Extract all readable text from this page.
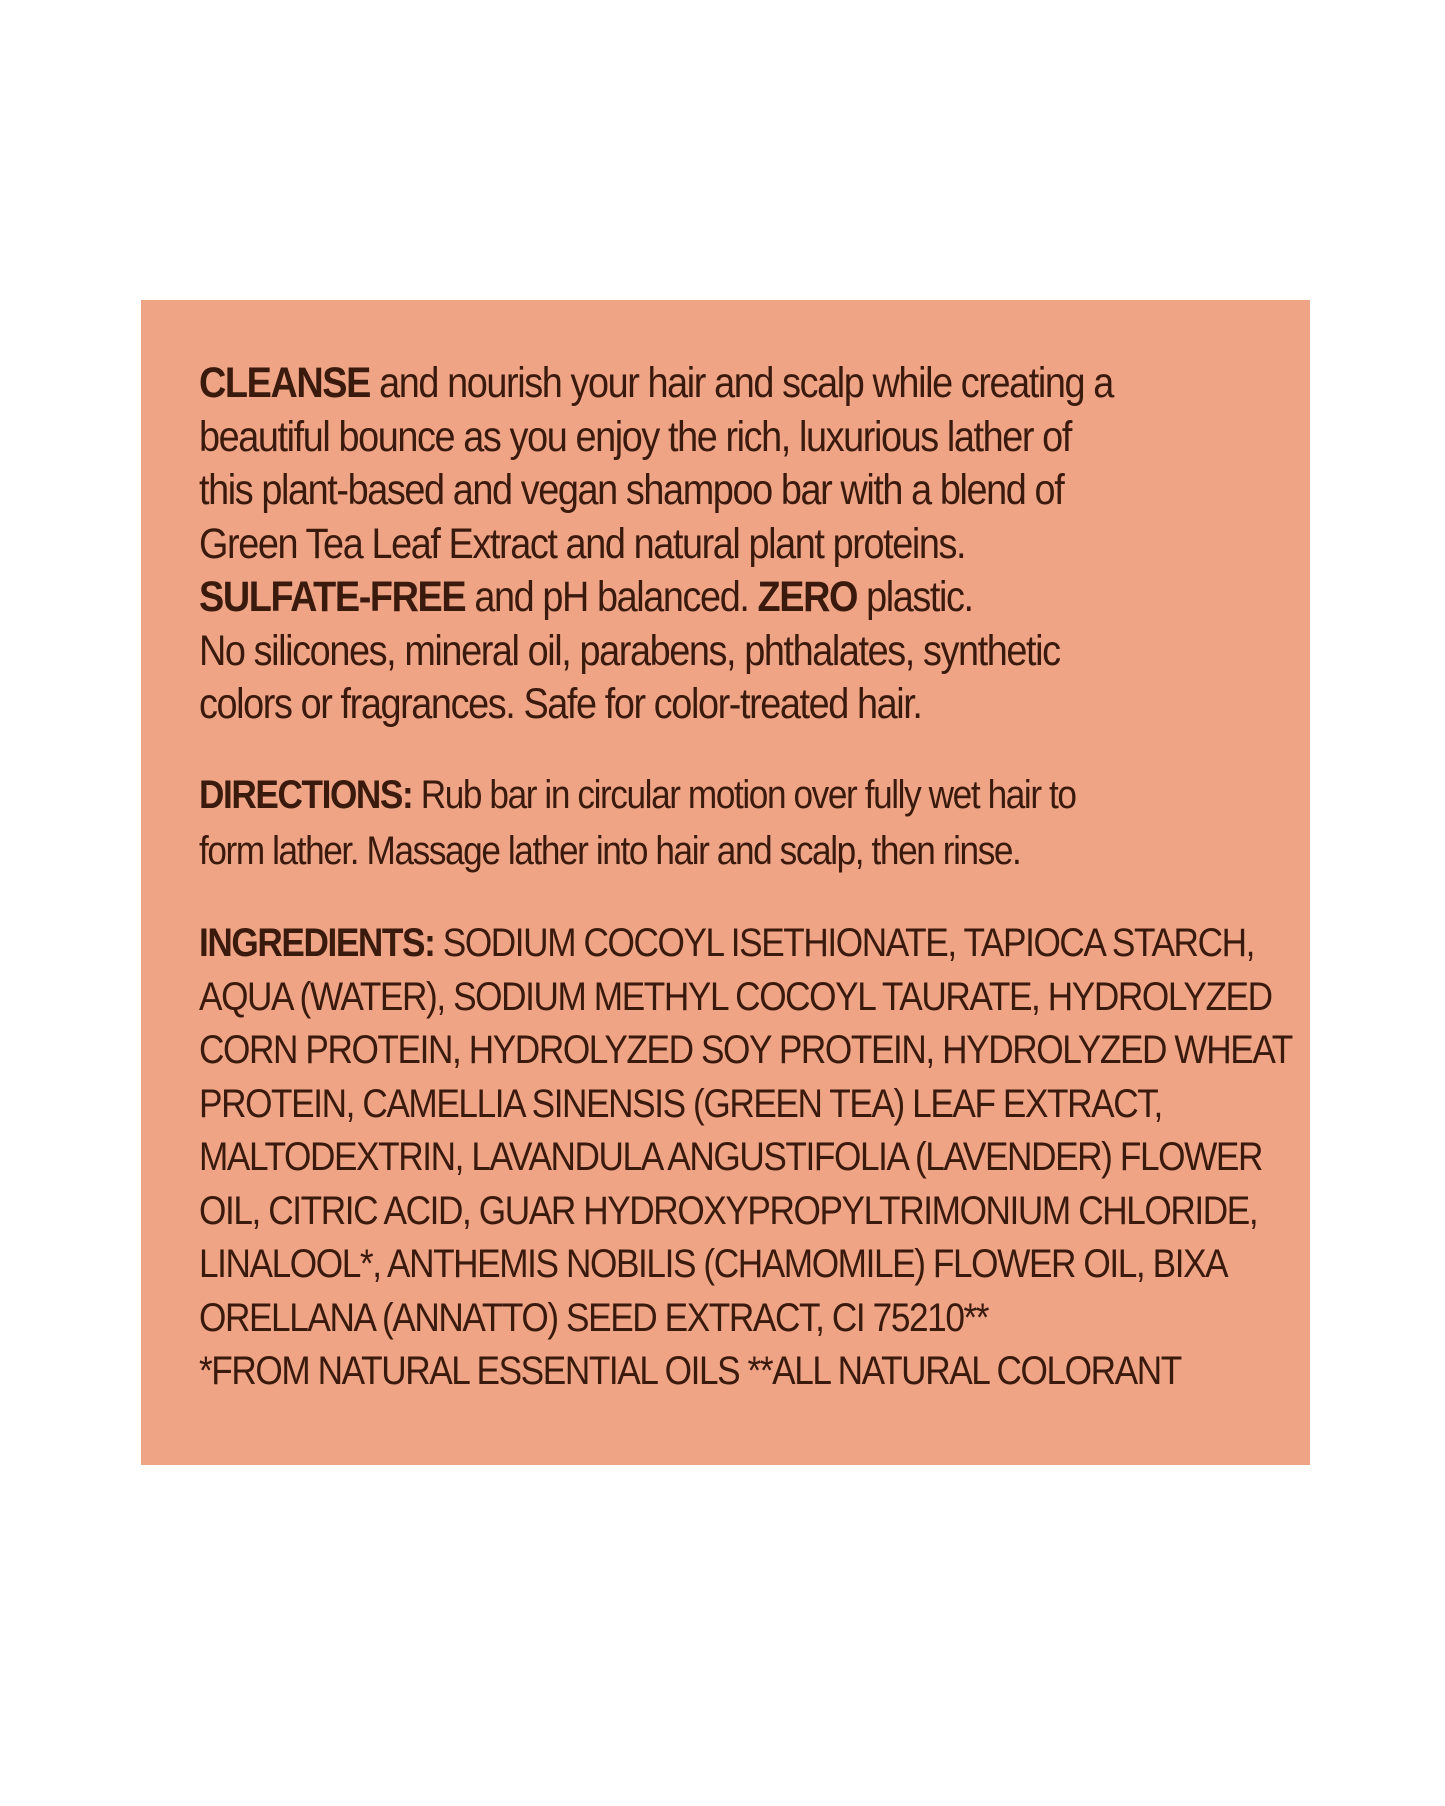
CLEANSE and nourish your hair and scalp while creating a
beautiful bounce as you enjoy the rich, luxurious lather of
this plant-based and vegan shampoo bar with a blend of
Green Tea Leaf Extract and natural plant proteins.
SULFATE-FREE and pH balanced. ZERO plastic.
No silicones, mineral oil, parabens, phthalates, synthetic
colors or fragrances. Safe for color-treated hair.
DIRECTIONS: Rub bar in circular motion over fully wet hair to
form lather. Massage lather into hair and scalp, then rinse.
INGREDIENTS: SODIUM COCOYL ISETHIONATE, TAPIOCA STARCH,
AQUA (WATER), SODIUM METHYL COCOYL TAURATE, HYDROLYZED
CORN PROTEIN, HYDROLYZED SOY PROTEIN, HYDROLYZED WHEAT
PROTEIN, CAMELLIA SINENSIS (GREEN TEA) LEAF EXTRACT,
MALTODEXTRIN, LAVANDULA ANGUSTIFOLIA (LAVENDER) FLOWER
OIL, CITRIC ACID, GUAR HYDROXYPROPYLTRIMONIUM CHLORIDE,
LINALOOL*, ANTHEMIS NOBILIS (CHAMOMILE) FLOWER OIL, BIXA
ORELLANA (ANNATTO) SEED EXTRACT, CI 75210**
*FROM NATURAL ESSENTIAL OILS **ALL NATURAL COLORANT
